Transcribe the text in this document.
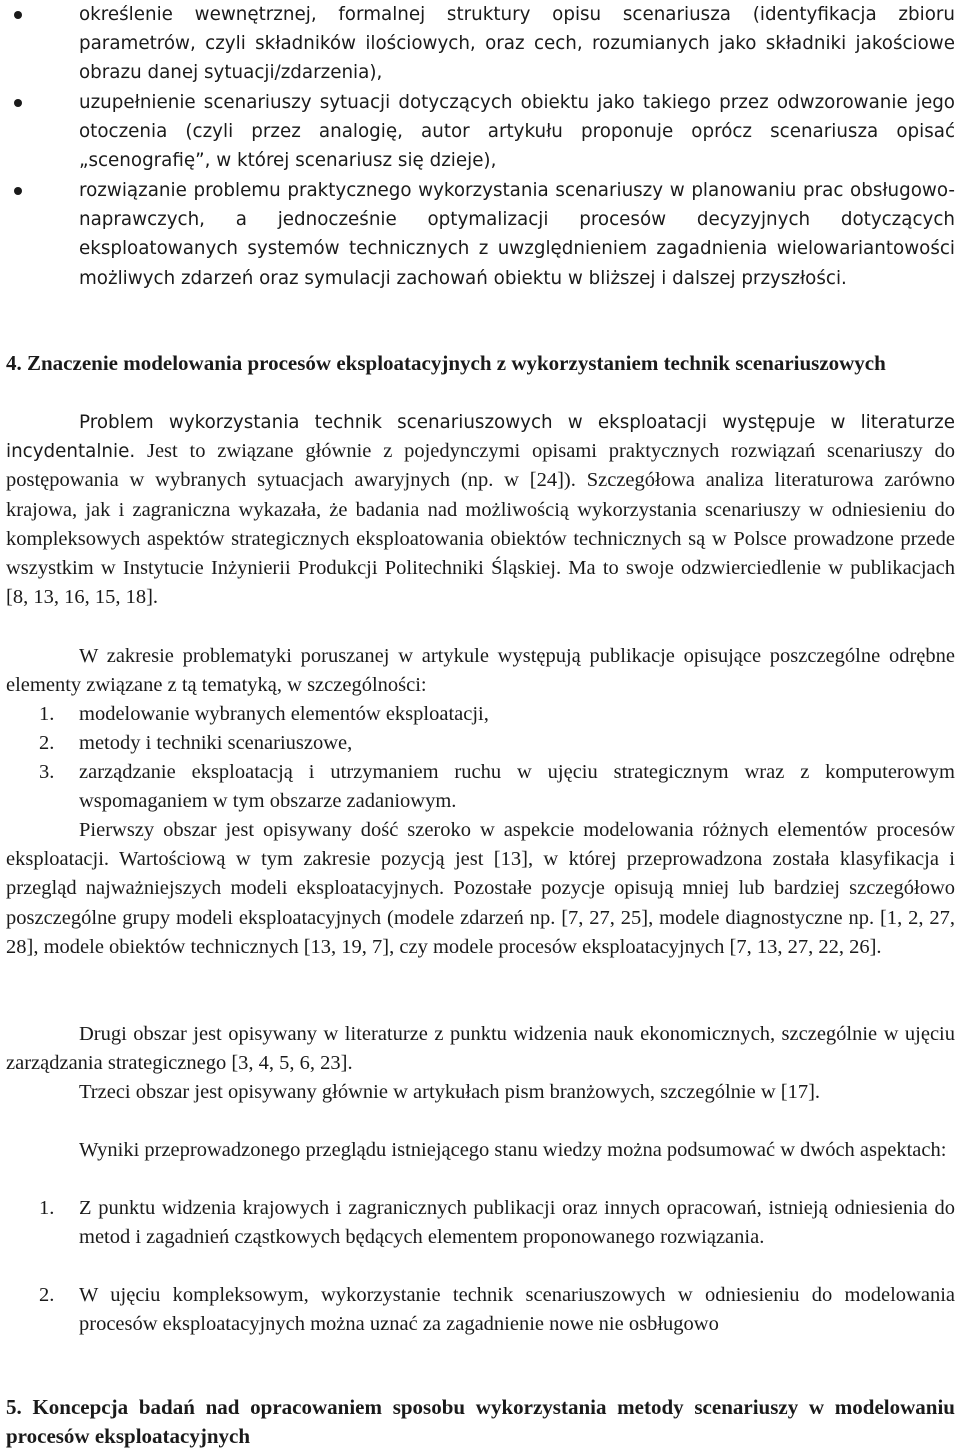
określenie wewnętrznej, formalnej struktury opisu scenariusza (identyfikacja zbioru parametrów, czyli składników ilościowych, oraz cech, rozumianych jako składniki jakościowe obrazu danej sytuacji/zdarzenia),
uzupełnienie scenariuszy sytuacji dotyczących obiektu jako takiego przez odwzorowanie jego otoczenia (czyli przez analogię, autor artykułu proponuje oprócz scenariusza opisać „scenografię”, w której scenariusz się dzieje),
rozwiązanie problemu praktycznego wykorzystania scenariuszy w planowaniu prac obsługowo-naprawczych, a jednocześnie optymalizacji procesów decyzyjnych dotyczących eksploatowanych systemów technicznych z uwzględnieniem zagadnienia wielowariantowości możliwych zdarzeń oraz symulacji zachowań obiektu w bliższej i dalszej przyszłości.

4. Znaczenie modelowania procesów eksploatacyjnych z wykorzystaniem technik scenariuszowych

Problem wykorzystania technik scenariuszowych w eksploatacji występuje w literaturze incydentalnie. Jest to związane głównie z pojedynczymi opisami praktycznych rozwiązań scenariuszy do postępowania w wybranych sytuacjach awaryjnych (np. w [24]). Szczegółowa analiza literaturowa zarówno krajowa, jak i zagraniczna wykazała, że badania nad możliwością wykorzystania scenariuszy w odniesieniu do kompleksowych aspektów strategicznych eksploatowania obiektów technicznych są w Polsce prowadzone przede wszystkim w Instytucie Inżynierii Produkcji Politechniki Śląskiej. Ma to swoje odzwierciedlenie w publikacjach [8, 13, 16, 15, 18].

W zakresie problematyki poruszanej w artykule występują publikacje opisujące poszczególne odrębne elementy związane z tą tematyką, w szczególności:

1. modelowanie wybranych elementów eksploatacji,
2. metody i techniki scenariuszowe,
3. zarządzanie eksploatacją i utrzymaniem ruchu w ujęciu strategicznym wraz z komputerowym wspomaganiem w tym obszarze zadaniowym.

Pierwszy obszar jest opisywany dość szeroko w aspekcie modelowania różnych elementów procesów eksploatacji. Wartościową w tym zakresie pozycją jest [13], w której przeprowadzona została klasyfikacja i przegląd najważniejszych modeli eksploatacyjnych. Pozostałe pozycje opisują mniej lub bardziej szczegółowo poszczególne grupy modeli eksploatacyjnych (modele zdarzeń np. [7, 27, 25], modele diagnostyczne np. [1, 2, 27, 28], modele obiektów technicznych [13, 19, 7], czy modele procesów eksploatacyjnych [7, 13, 27, 22, 26].

Drugi obszar jest opisywany w literaturze z punktu widzenia nauk ekonomicznych, szczególnie w ujęciu zarządzania strategicznego [3, 4, 5, 6, 23].

Trzeci obszar jest opisywany głównie w artykułach pism branżowych, szczególnie w [17].

Wyniki przeprowadzonego przeglądu istniejącego stanu wiedzy można podsumować w dwóch aspektach:

1. Z punktu widzenia krajowych i zagranicznych publikacji oraz innych opracowań, istnieją odniesienia do metod i zagadnień cząstkowych będących elementem proponowanego rozwiązania.
2. W ujęciu kompleksowym, wykorzystanie technik scenariuszowych w odniesieniu do modelowania procesów eksploatacyjnych można uznać za zagadnienie nowe nie osbługowo

5. Koncepcja badań nad opracowaniem sposobu wykorzystania metody scenariuszy w modelowaniu procesów eksploatacyjnych
